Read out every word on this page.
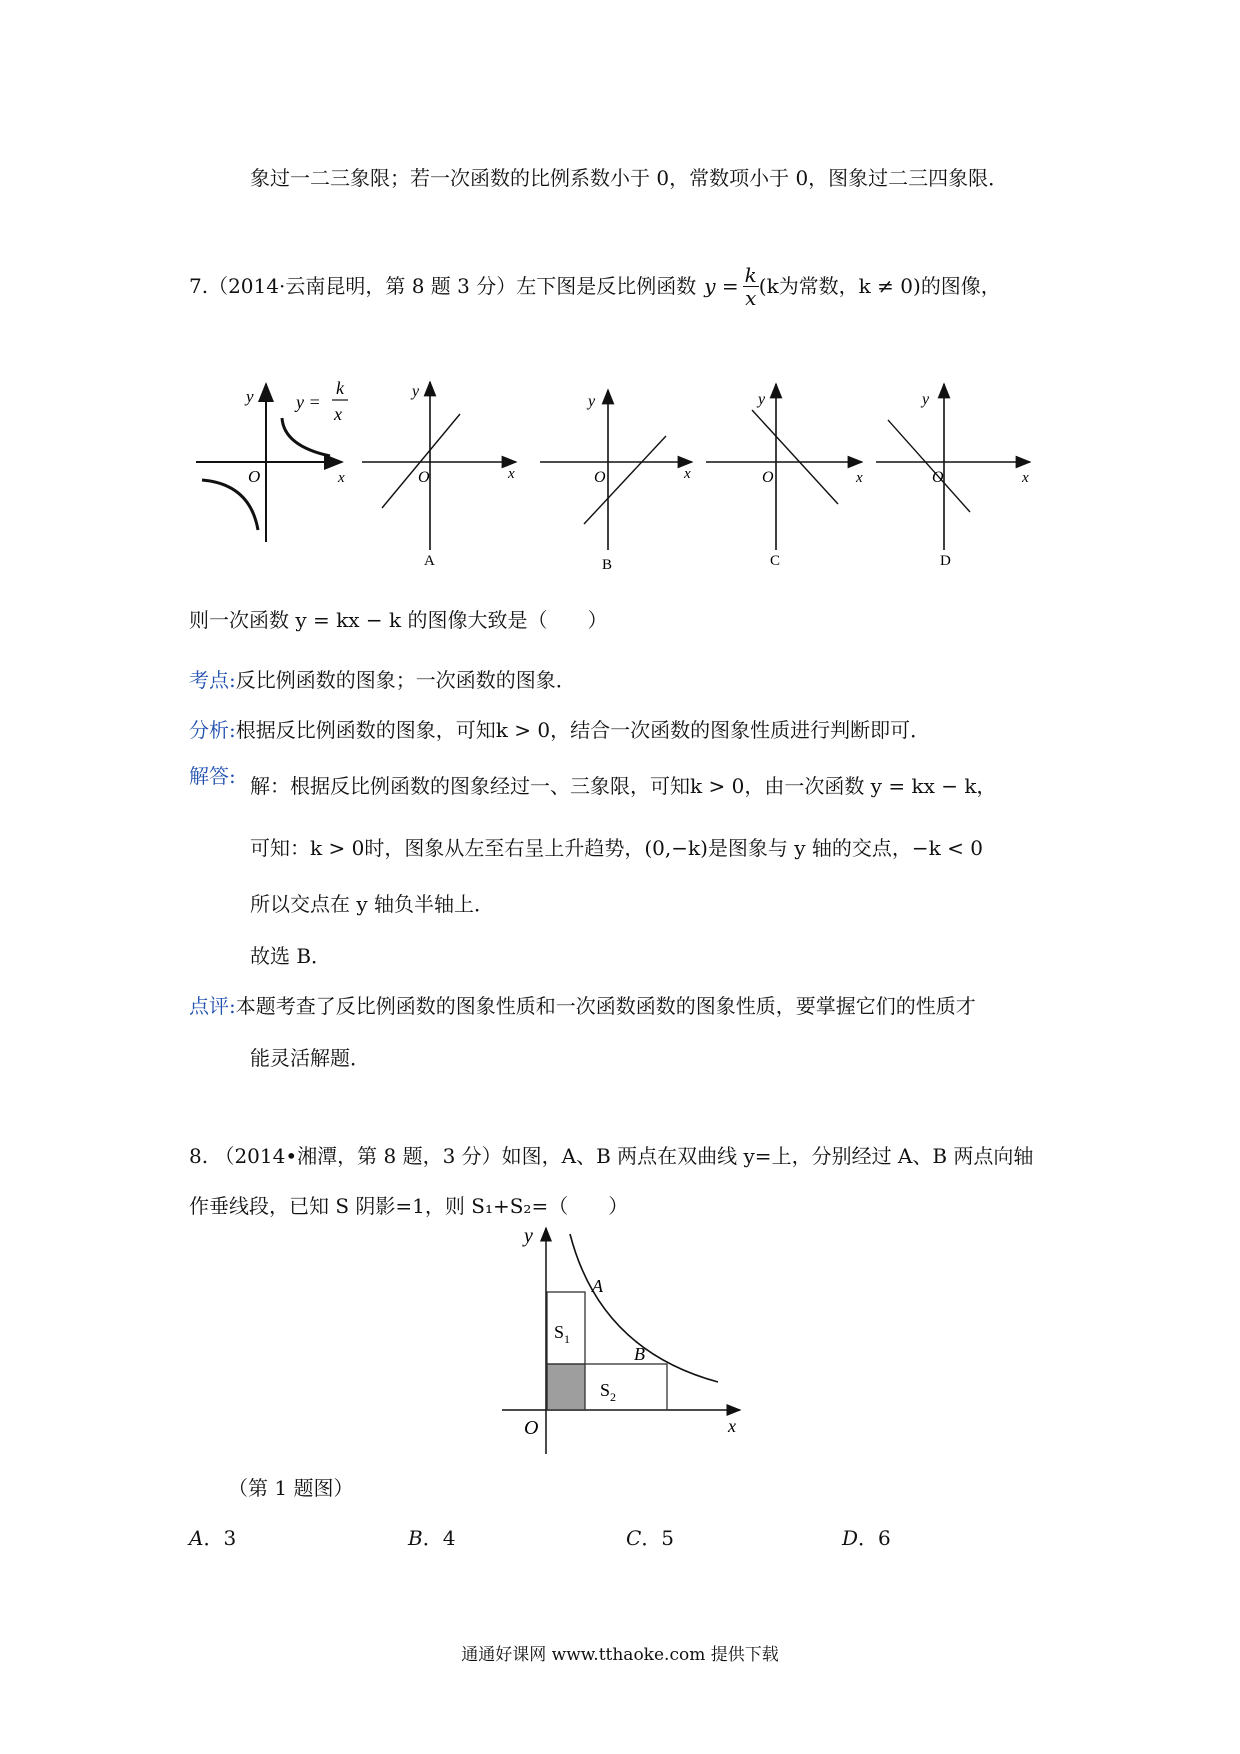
象过一二三象限；若一次函数的比例系数小于 0，常数项小于 0，图象过二三四象限．
7.（2014·云南昆明，第 8 题 3 分）左下图是反比例函数 $y = \frac{k}{x} (k$为常数，k ≠ 0) 的图像，
y
O	x
y =
k
x
y
O	x
A
y
O	x
B
y
O	x
C
y
O	x
D
则一次函数 y = kx − k 的图像大致是（　　）
考点:反比例函数的图象；一次函数的图象．
分析:根据反比例函数的图象，可知k > 0，结合一次函数的图象性质进行判断即可．
解答: 解：根据反比例函数的图象经过一、三象限，可知k > 0，由一次函数 y = kx − k，
可知：k > 0时，图象从左至右呈上升趋势，(0,−k)是图象与 y 轴的交点，−k < 0
所以交点在 y 轴负半轴上．
故选 B．
点评:本题考查了反比例函数的图象性质和一次函数函数的图象性质，要掌握它们的性质才
能灵活解题．
8. （2014•湘潭，第 8 题，3 分）如图，A、B 两点在双曲线 y=上，分别经过 A、B 两点向轴
作垂线段，已知 S 阴影=1，则 S₁+S₂=（　　）
y
O	x
A
B
$S_1$
$S_2$
（第 1 题图）
A．3	B．4	C．5	D．6
通通好课网 www.tthaoke.com 提供下载
